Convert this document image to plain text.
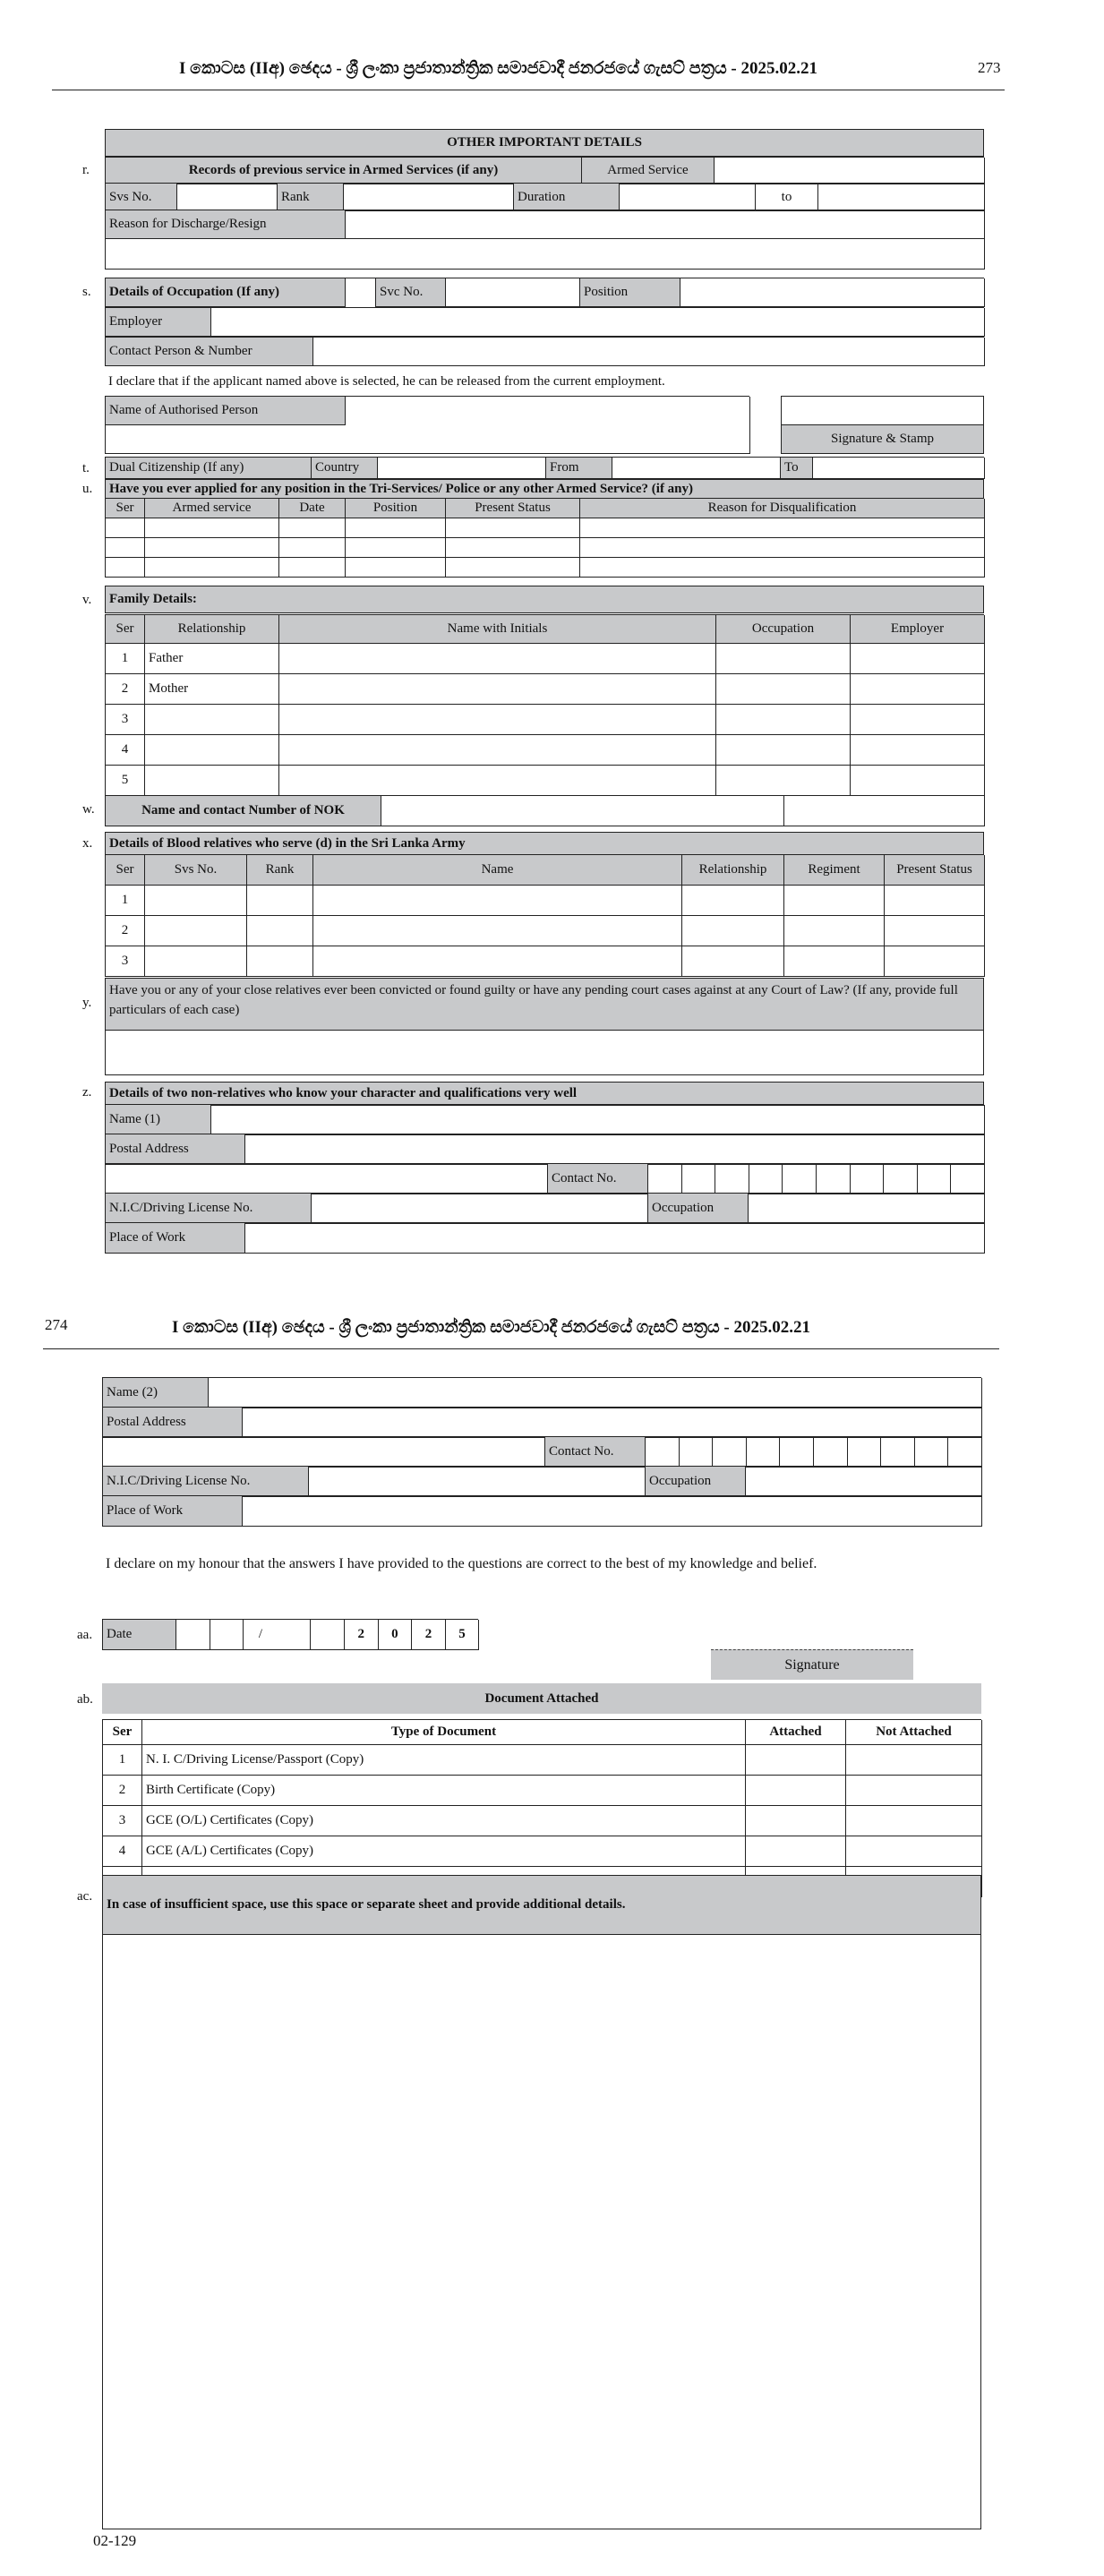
I කොටස (IIඅ) ඡෙදය - ශ්‍රී ලංකා ප්‍රජාතාන්ත්‍රික සමාජවාදී ජනරජයේ ගැසට් පත්‍රය - 2025.02.21	273
OTHER IMPORTANT DETAILS
r.	Records of previous service in Armed Services (if any)	Armed Service
Svs No.	Rank	Duration	to
Reason for Discharge/Resign
s. Details of Occupation (If any)	Svc No.	Position
Employer
Contact Person & Number
I declare that if the applicant named above is selected, he can be released from the current employment.
Name of Authorised Person
Signature & Stamp
t. Dual Citizenship (If any)	Country	From	To
u. Have you ever applied for any position in the Tri-Services/ Police or any other Armed Service? (if any)
Ser	Armed service	Date	Position	Present Status	Reason for Disqualification
v. Family Details:
Ser	Relationship	Name with Initials	Occupation	Employer
1	Father
2	Mother
3
4
5
w.	Name and contact Number of NOK
x. Details of Blood relatives who serve (d) in the Sri Lanka Army
Ser	Svs No.	Rank	Name	Relationship	Regiment	Present Status
1
2
3
y.
Have you or any of your close relatives ever been convicted or found guilty or have any pending court cases against at any Court of Law? (If any, provide full particulars of each case)
z. Details of two non-relatives who know your character and qualifications very well
Name (1)
Postal Address
Contact No.
N.I.C/Driving License No.	Occupation
Place of Work
274	I කොටස (IIඅ) ඡෙදය - ශ්‍රී ලංකා ප්‍රජාතාන්ත්‍රික සමාජවාදී ජනරජයේ ගැසට් පත්‍රය - 2025.02.21
Name (2)
Postal Address
Contact No.
N.I.C/Driving License No.	Occupation
Place of Work
I declare on my honour that the answers I have provided to the questions are correct to the best of my knowledge and belief.
aa. Date	/	2	0	2	5
Signature
ab.	Document Attached
Ser	Type of Document	Attached	Not Attached
1	N. I. C/Driving License/Passport (Copy)
2	Birth Certificate (Copy)
3	GCE (O/L) Certificates (Copy)
4	GCE (A/L) Certificates (Copy)
ac.
In case of insufficient space, use this space or separate sheet and provide additional details.
02-129
